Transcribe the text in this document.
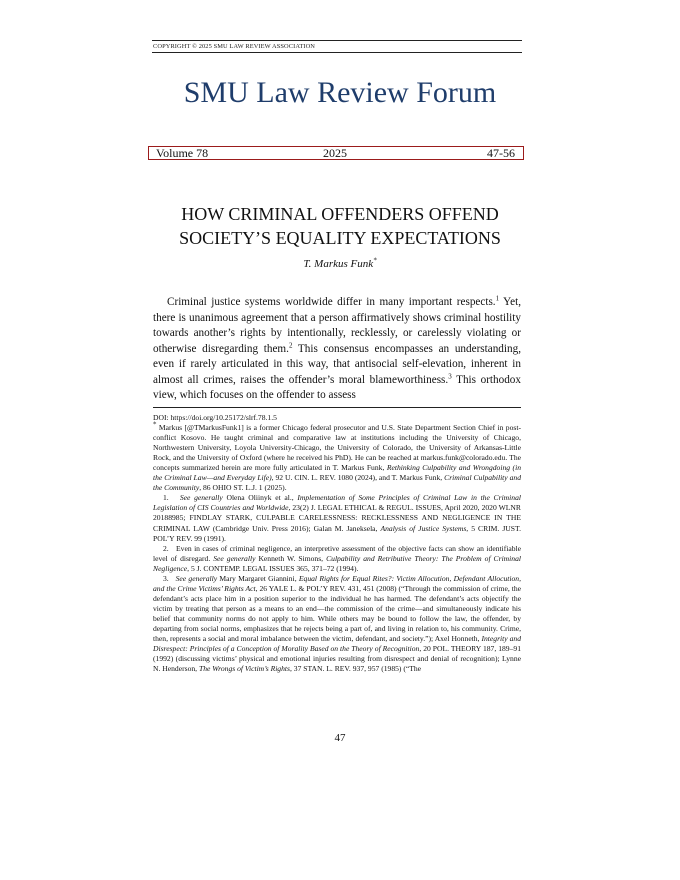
COPYRIGHT © 2025 SMU LAW REVIEW ASSOCIATION
SMU Law Review Forum
Volume 78	2025	47-56
HOW CRIMINAL OFFENDERS OFFEND
SOCIETY’S EQUALITY EXPECTATIONS
T. Markus Funk*

Criminal justice systems worldwide differ in many important respects.$^1$ Yet, there is unanimous agreement that a person affirmatively shows criminal hostility towards another’s rights by intentionally, recklessly, or carelessly violating or otherwise disregarding them.$^2$ This consensus encompasses an understanding, even if rarely articulated in this way, that antisocial self-elevation, inherent in almost all crimes, raises the offender’s moral blameworthiness.$^3$ This orthodox view, which focuses on the offender to assess

DOI: https://doi.org/10.25172/slrf.78.1.5
* Markus [@TMarkusFunk1] is a former Chicago federal prosecutor and U.S. State Department Section Chief in post-conflict Kosovo. He taught criminal and comparative law at institutions including the University of Chicago, Northwestern University, Loyola University-Chicago, the University of Colorado, the University of Arkansas-Little Rock, and the University of Oxford (where he received his PhD). He can be reached at markus.funk@colorado.edu. The concepts summarized herein are more fully articulated in T. Markus Funk, Rethinking Culpability and Wrongdoing (in the Criminal Law—and Everyday Life), 92 U. CIN. L. REV. 1080 (2024), and T. Markus Funk, Criminal Culpability and the Community, 86 OHIO ST. L.J. 1 (2025).
1. See generally Olena Oliinyk et al., Implementation of Some Principles of Criminal Law in the Criminal Legislation of CIS Countries and Worldwide, 23(2) J. LEGAL ETHICAL & REGUL. ISSUES, April 2020, 2020 WLNR 20188985; FINDLAY STARK, CULPABLE CARELESSNESS: RECKLESSNESS AND NEGLIGENCE IN THE CRIMINAL LAW (Cambridge Univ. Press 2016); Galan M. Janeksela, Analysis of Justice Systems, 5 CRIM. JUST. POL’Y REV. 99 (1991).
2. Even in cases of criminal negligence, an interpretive assessment of the objective facts can show an identifiable level of disregard. See generally Kenneth W. Simons, Culpability and Retributive Theory: The Problem of Criminal Negligence, 5 J. CONTEMP. LEGAL ISSUES 365, 371–72 (1994).
3. See generally Mary Margaret Giannini, Equal Rights for Equal Rites?: Victim Allocution, Defendant Allocution, and the Crime Victims’ Rights Act, 26 YALE L. & POL’Y REV. 431, 451 (2008) (“Through the commission of crime, the defendant’s acts place him in a position superior to the individual he has harmed. The defendant’s acts objectify the victim by treating that person as a means to an end—the commission of the crime—and simultaneously indicate his belief that community norms do not apply to him. While others may be bound to follow the law, the offender, by departing from social norms, emphasizes that he rejects being a part of, and living in relation to, his community. Crime, then, represents a social and moral imbalance between the victim, defendant, and society.”); Axel Honneth, Integrity and Disrespect: Principles of a Conception of Morality Based on the Theory of Recognition, 20 POL. THEORY 187, 189–91 (1992) (discussing victims’ physical and emotional injuries resulting from disrespect and denial of recognition); Lynne N. Henderson, The Wrongs of Victim’s Rights, 37 STAN. L. REV. 937, 957 (1985) (“The
47
